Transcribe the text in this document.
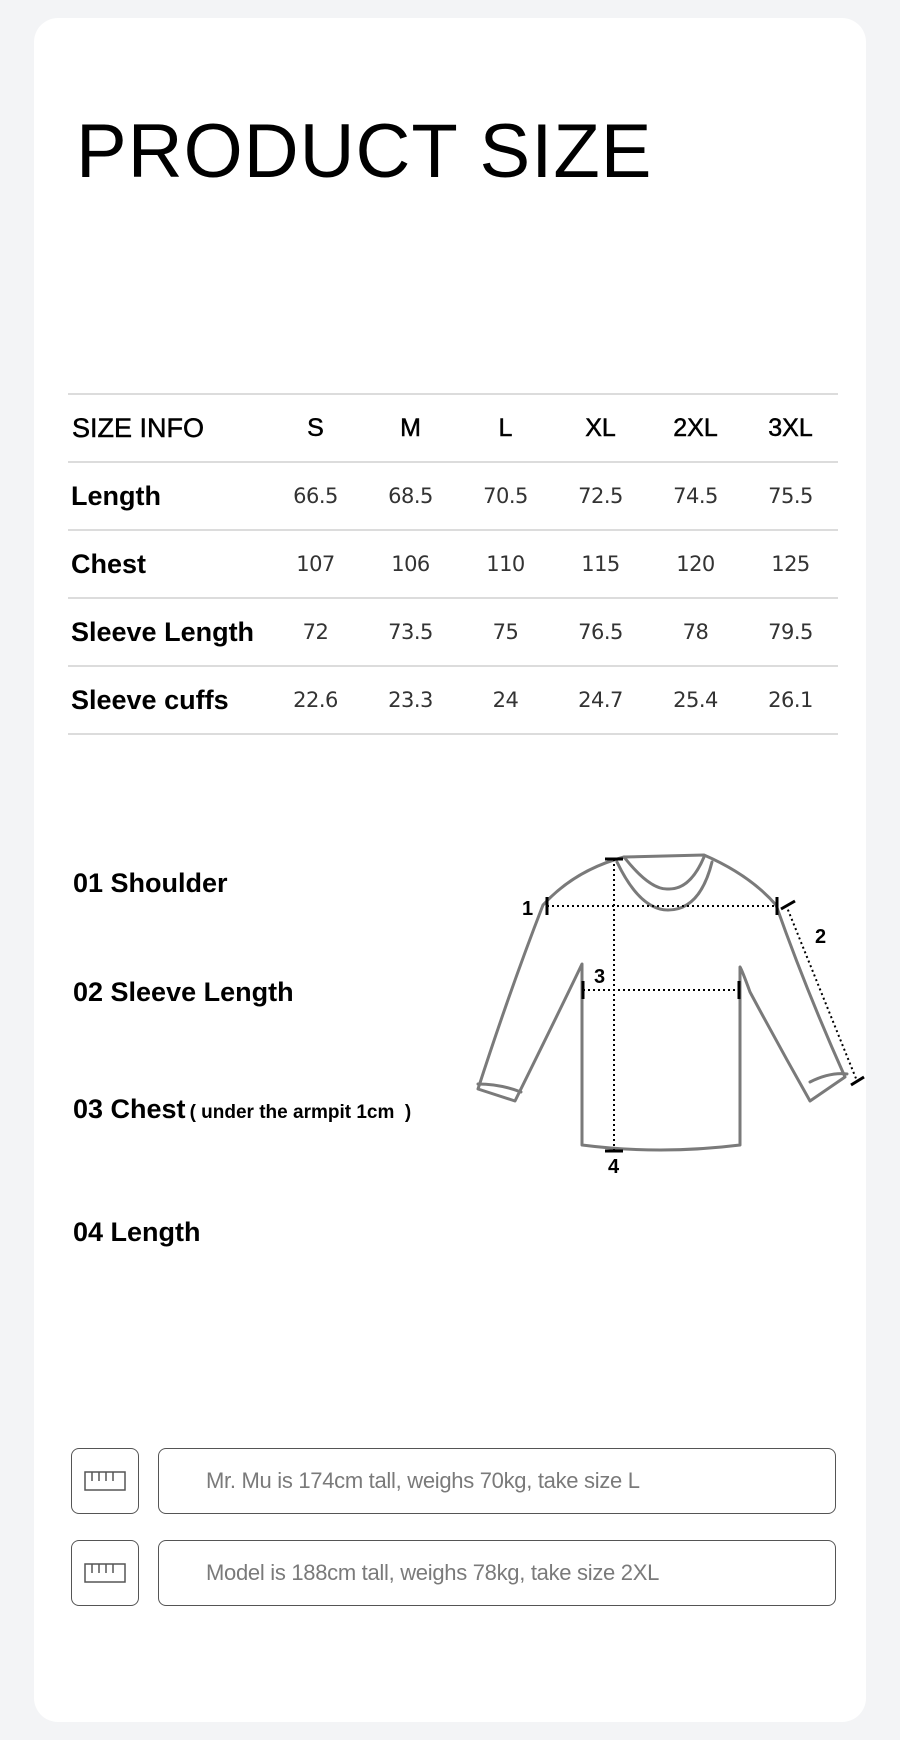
PRODUCT SIZE
SIZE INFO	S	M	L	XL	2XL	3XL
Length	66.5	68.5	70.5	72.5	74.5	75.5
Chest	107	106	110	115	120	125
Sleeve Length	72	73.5	75	76.5	78	79.5
Sleeve cuffs	22.6	23.3	24	24.7	25.4	26.1

01 Shoulder

02 Sleeve Length

03 Chest ( under the armpit 1cm  )

04 Length

1
2
3
4
Mr. Mu is 174cm tall, weighs 70kg, take size L
Model is 188cm tall, weighs 78kg, take size 2XL
